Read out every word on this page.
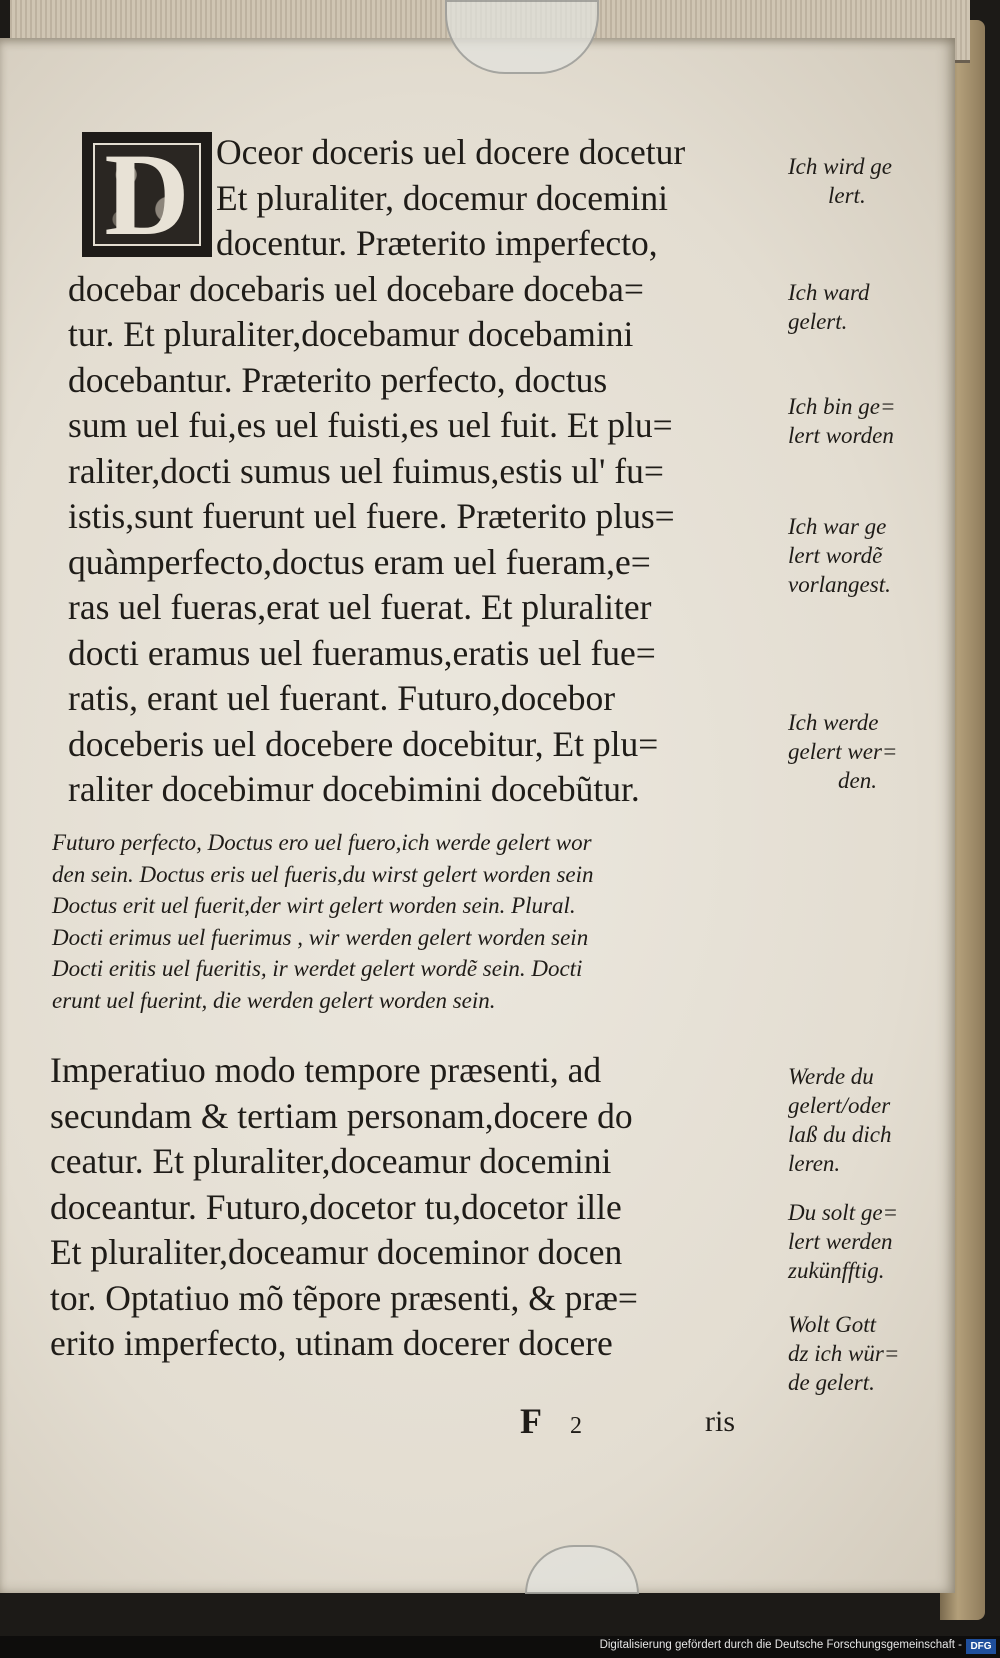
D Oceor doceris uel docere docetur
Et pluraliter, docemur docemini
docentur. Præterito imperfecto,
docebar docebaris uel docebare doceba=
tur. Et pluraliter,docebamur docebamini
docebantur. Præterito perfecto, doctus
sum uel fui,es uel fuisti,es uel fuit. Et plu=
raliter,docti sumus uel fuimus,estis ul' fu=
istis,sunt fuerunt uel fuere. Præterito plus=
quàmperfecto,doctus eram uel fueram,e=
ras uel fueras,erat uel fuerat. Et pluraliter
docti eramus uel fueramus,eratis uel fue=
ratis, erant uel fuerant. Futuro,docebor
doceberis uel docebere docebitur, Et plu=
raliter docebimur docebimini docebũtur.
Futuro perfecto, Doctus ero uel fuero,ich werde gelert wor
den sein. Doctus eris uel fueris,du wirst gelert worden sein
Doctus erit uel fuerit,der wirt gelert worden sein. Plural.
Docti erimus uel fuerimus , wir werden gelert worden sein
Docti eritis uel fueritis, ir werdet gelert wordẽ sein. Docti
erunt uel fuerint, die werden gelert worden sein.
Imperatiuo modo tempore præsenti, ad
secundam & tertiam personam,docere do
ceatur. Et pluraliter,doceamur docemini
doceantur. Futuro,docetor tu,docetor ille
Et pluraliter,doceamur doceminor docen
tor. Optatiuo mõ tẽpore præsenti, & præ=
erito imperfecto, utinam docerer docere
F 2	ris
Ich wird ge
lert.
Ich ward
gelert.
Ich bin ge=
lert worden
Ich war ge
lert wordẽ
vorlangest.
Ich werde
gelert wer=
den.
Werde du
gelert/oder
laß du dich
leren.
Du solt ge=
lert werden
zukünfftig.
Wolt Gott
dz ich wür=
de gelert.
Digitalisierung gefördert durch die Deutsche Forschungsgemeinschaft - DFG
